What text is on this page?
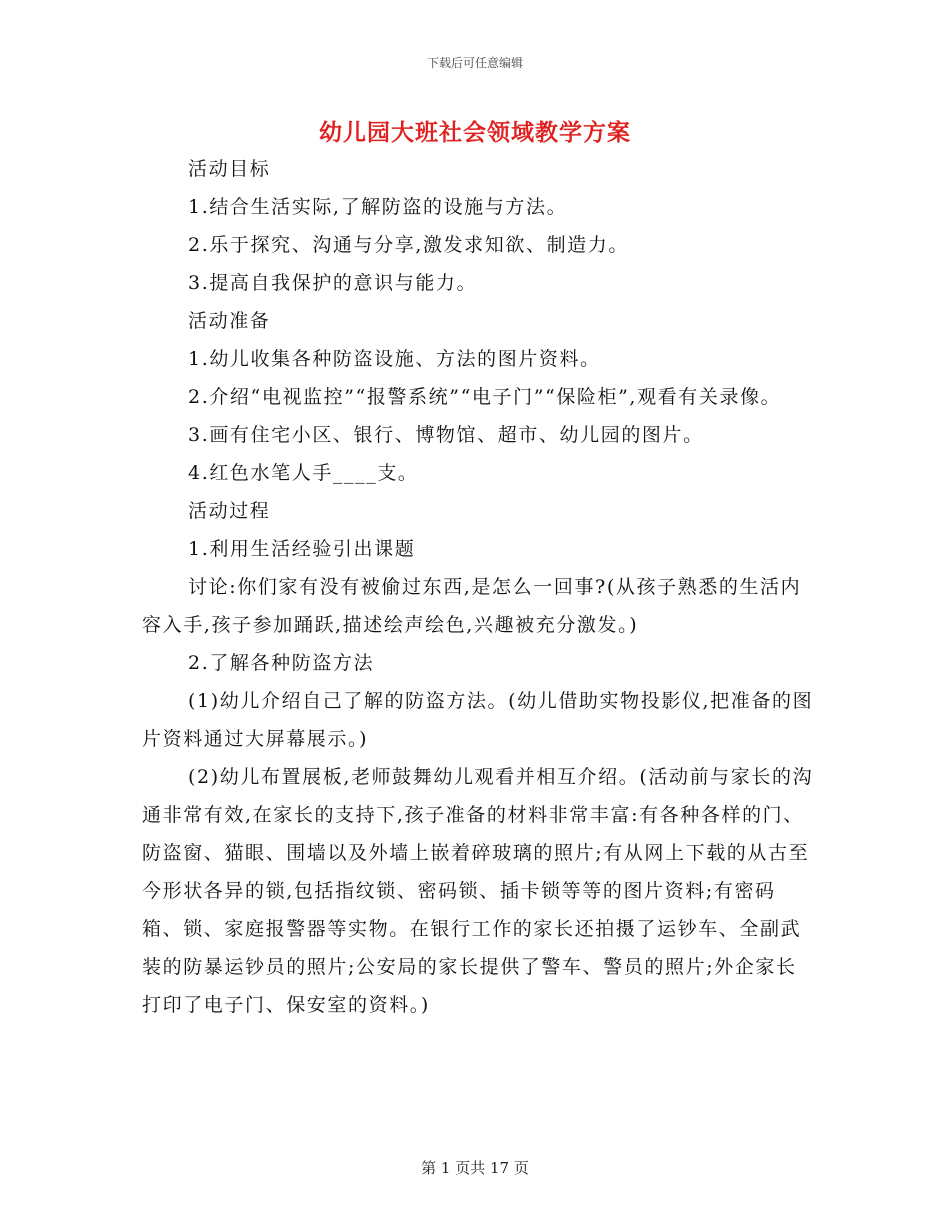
下载后可任意编辑
幼儿园大班社会领域教学方案

活动目标

1.结合生活实际,了解防盗的设施与方法。

2.乐于探究、沟通与分享,激发求知欲、制造力。

3.提高自我保护的意识与能力。

活动准备

1.幼儿收集各种防盗设施、方法的图片资料。

2.介绍“电视监控”“报警系统”“电子门”“保险柜”,观看有关录像。

3.画有住宅小区、银行、博物馆、超市、幼儿园的图片。

4.红色水笔人手____支。

活动过程

1.利用生活经验引出课题

讨论:你们家有没有被偷过东西,是怎么一回事?(从孩子熟悉的生活内容入手,孩子参加踊跃,描述绘声绘色,兴趣被充分激发。)

2.了解各种防盗方法

(1)幼儿介绍自己了解的防盗方法。(幼儿借助实物投影仪,把准备的图片资料通过大屏幕展示。)

(2)幼儿布置展板,老师鼓舞幼儿观看并相互介绍。(活动前与家长的沟通非常有效,在家长的支持下,孩子准备的材料非常丰富:有各种各样的门、防盗窗、猫眼、围墙以及外墙上嵌着碎玻璃的照片;有从网上下载的从古至今形状各异的锁,包括指纹锁、密码锁、插卡锁等等的图片资料;有密码箱、锁、家庭报警器等实物。在银行工作的家长还拍摄了运钞车、全副武装的防暴运钞员的照片;公安局的家长提供了警车、警员的照片;外企家长打印了电子门、保安室的资料。)

第 1 页共 17 页
